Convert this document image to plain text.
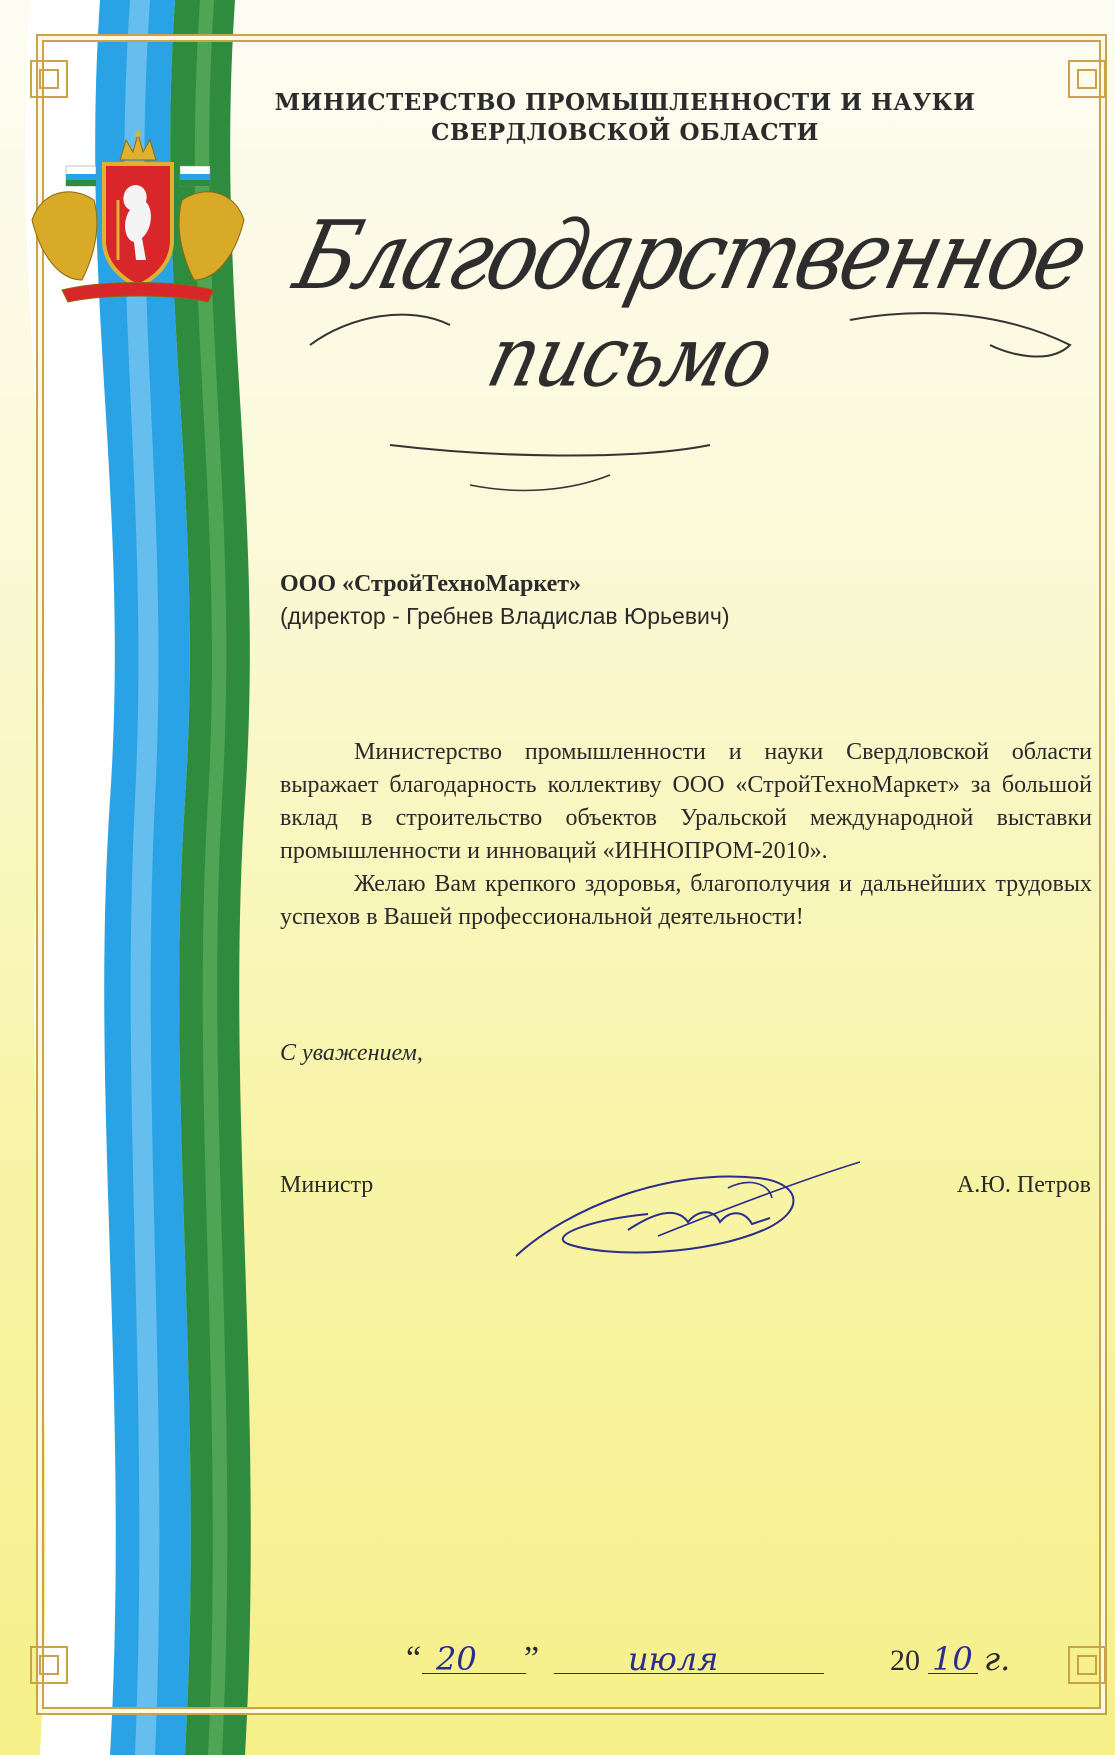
МИНИСТЕРСТВО ПРОМЫШЛЕННОСТИ И НАУКИ
СВЕРДЛОВСКОЙ ОБЛАСТИ
Благодарственное
письмо
ООО «СтройТехноМаркет»
(директор - Гребнев Владислав Юрьевич)

Министерство промышленности и науки Свердловской области выражает благодарность коллективу ООО «СтройТехноМаркет» за большой вклад в строительство объектов Уральской международной выставки промышленности и инноваций «ИННОПРОМ-2010».

Желаю Вам крепкого здоровья, благополучия и дальнейших трудовых успехов в Вашей профессиональной деятельности!

С уважением,
Министр	А.Ю. Петров
“ 20 ”	июля	20 10 г.
